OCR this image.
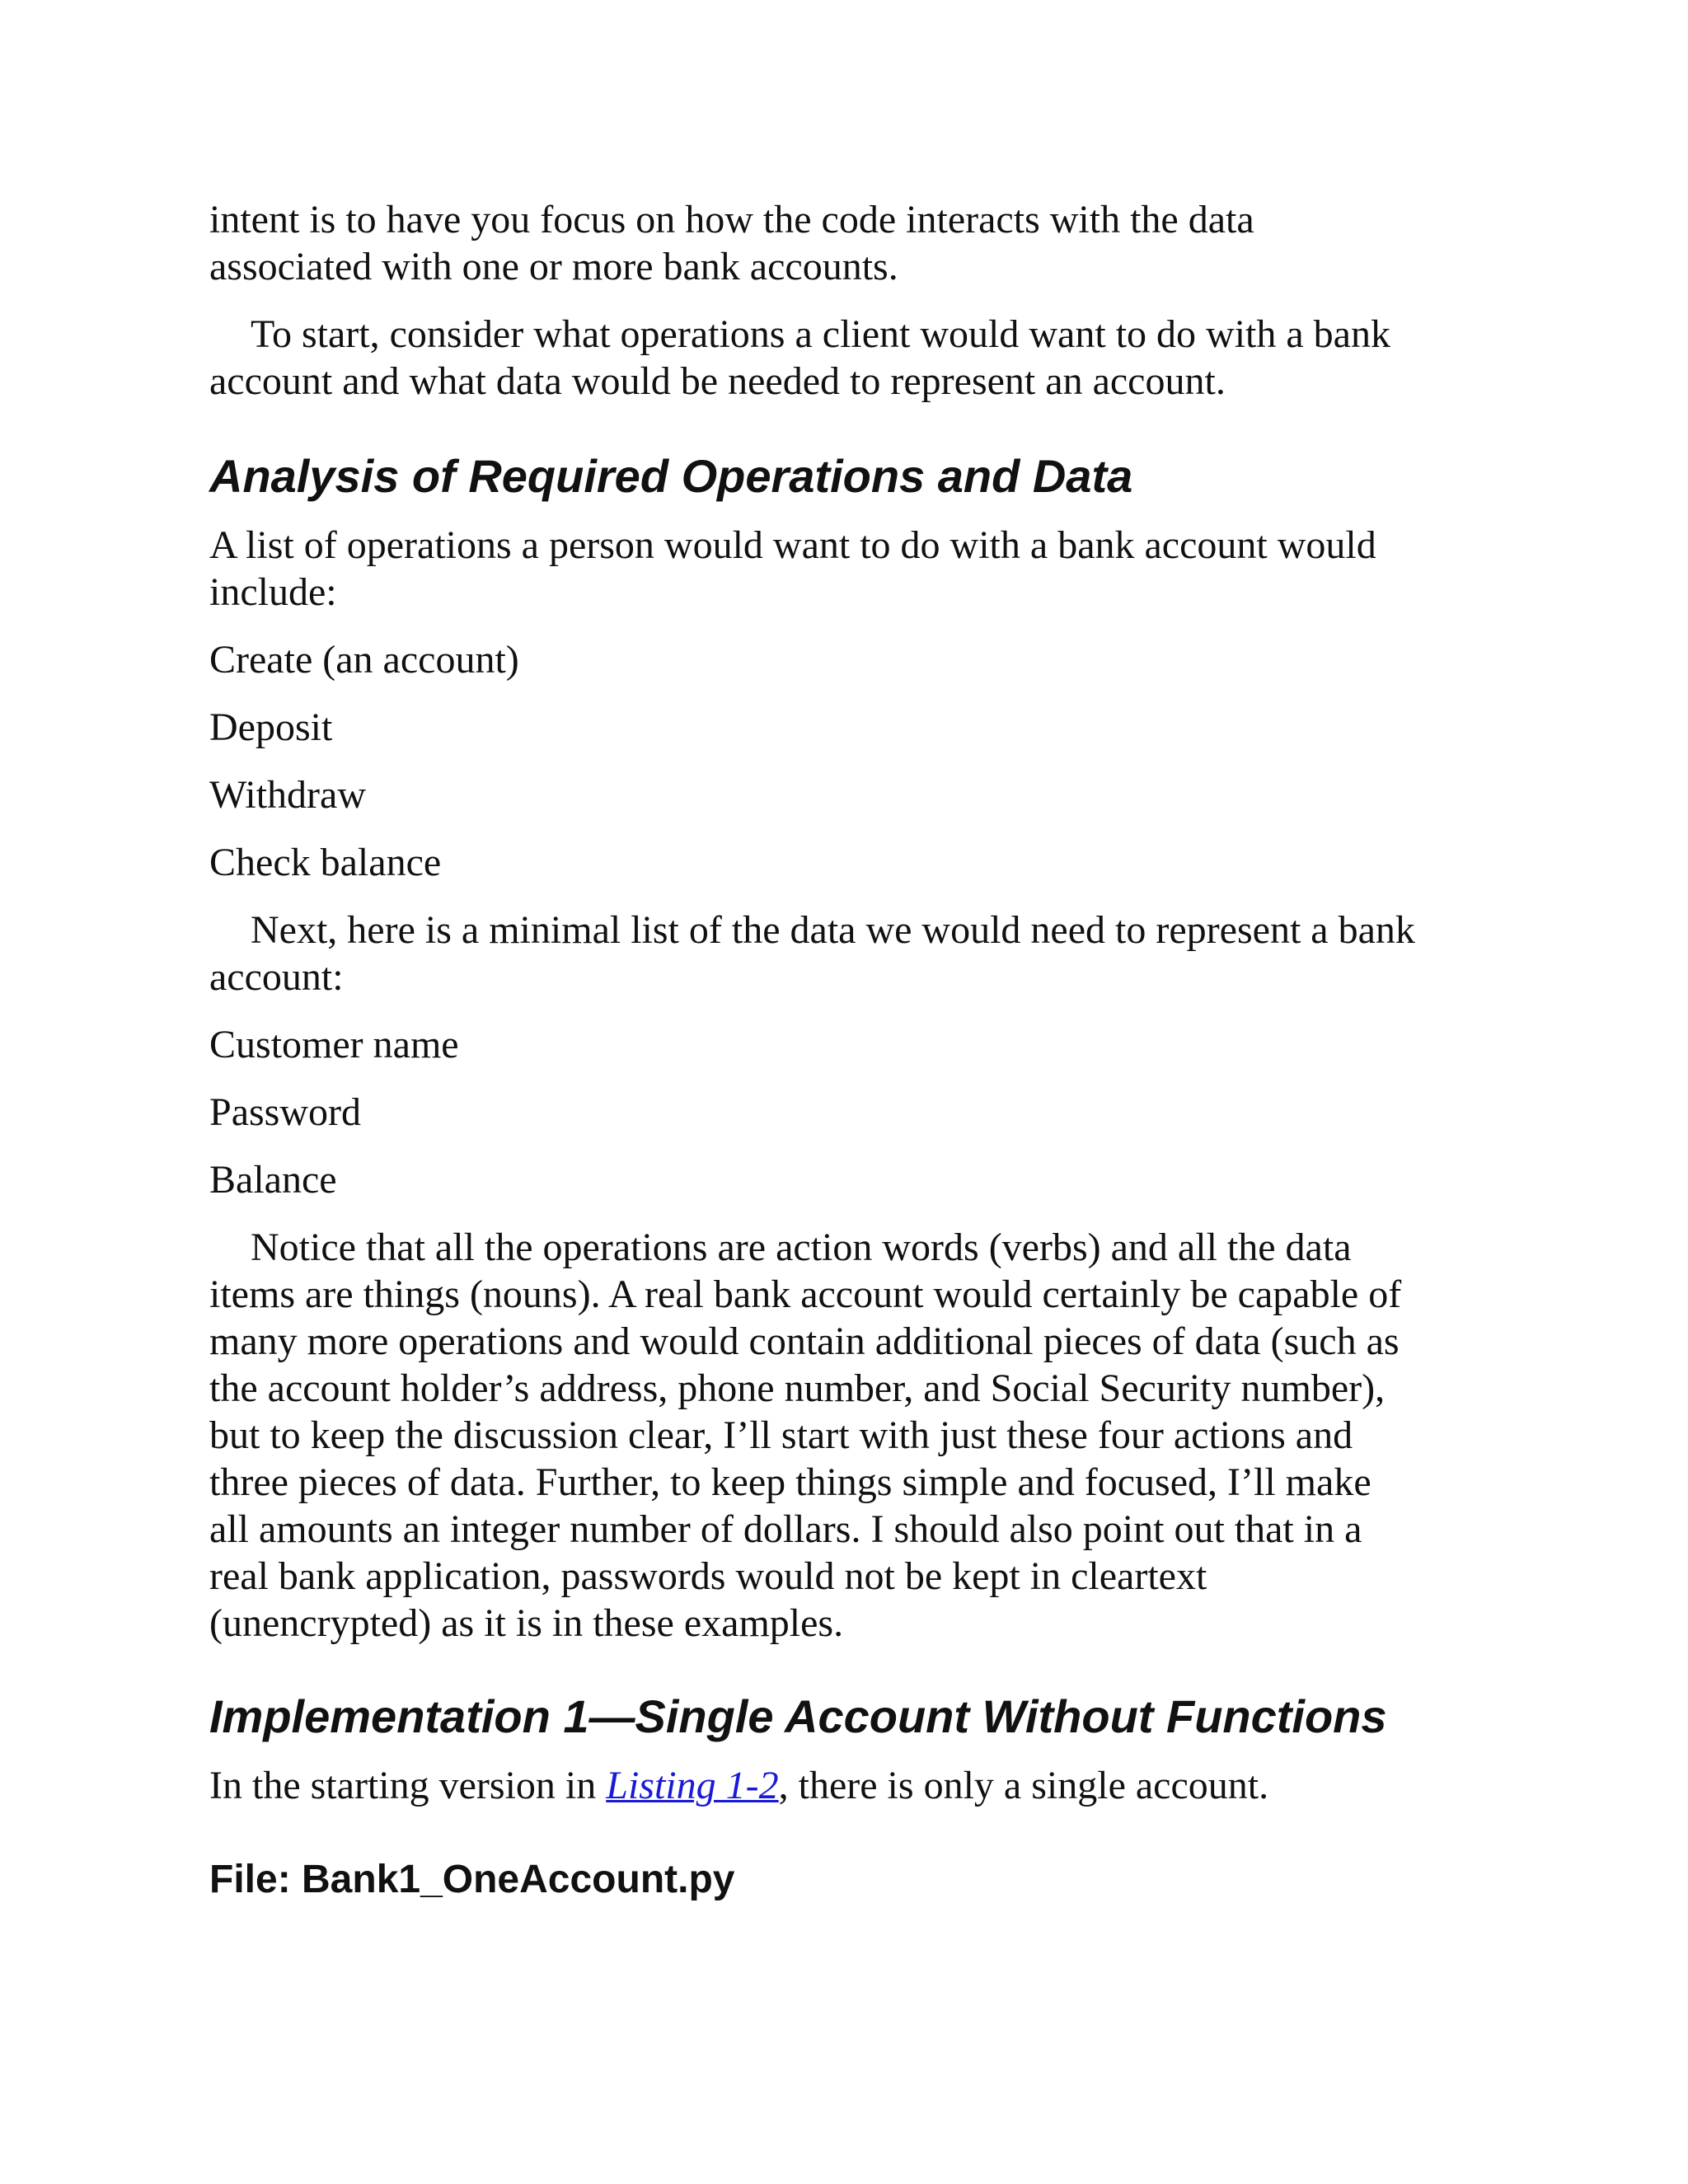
intent is to have you focus on how the code interacts with the data

associated with one or more bank accounts.

To start, consider what operations a client would want to do with a bank

account and what data would be needed to represent an account.

Analysis of Required Operations and Data

A list of operations a person would want to do with a bank account would

include:

Create (an account)

Deposit

Withdraw

Check balance

Next, here is a minimal list of the data we would need to represent a bank

account:

Customer name

Password

Balance

Notice that all the operations are action words (verbs) and all the data

items are things (nouns). A real bank account would certainly be capable of

many more operations and would contain additional pieces of data (such as

the account holder’s address, phone number, and Social Security number),

but to keep the discussion clear, I’ll start with just these four actions and

three pieces of data. Further, to keep things simple and focused, I’ll make

all amounts an integer number of dollars. I should also point out that in a

real bank application, passwords would not be kept in cleartext

(unencrypted) as it is in these examples.

Implementation 1—Single Account Without Functions

In the starting version in Listing 1-2, there is only a single account.

File: Bank1_OneAccount.py
